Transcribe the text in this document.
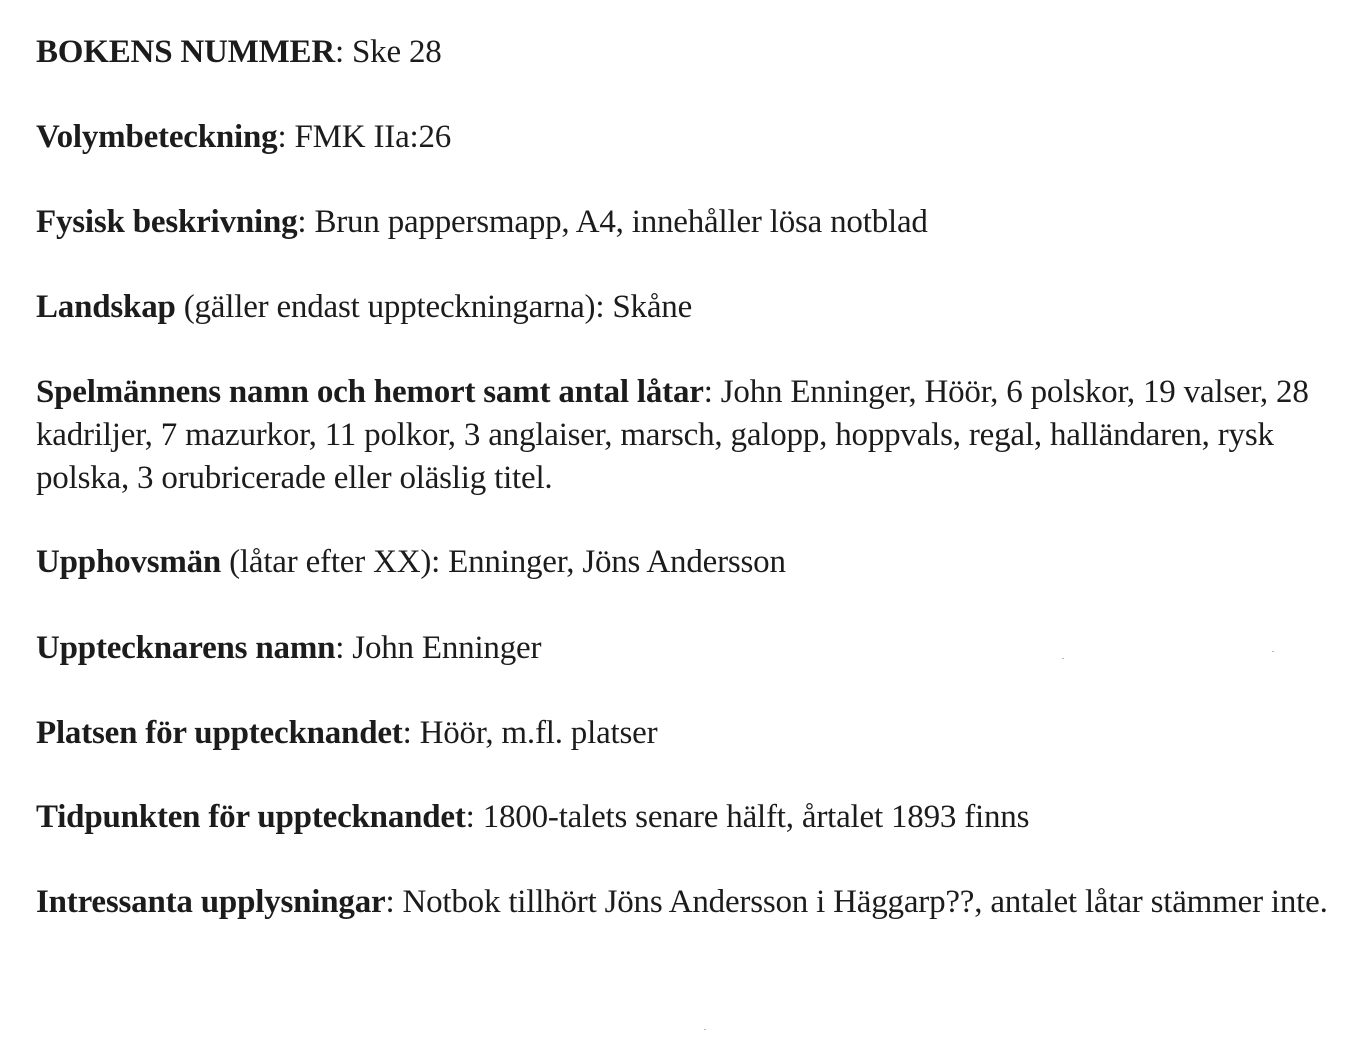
BOKENS NUMMER: Ske 28
Volymbeteckning: FMK IIa:26
Fysisk beskrivning: Brun pappersmapp, A4, innehåller lösa notblad
Landskap (gäller endast uppteckningarna): Skåne
Spelmännens namn och hemort samt antal låtar: John Enninger, Höör, 6 polskor, 19 valser, 28 kadriljer, 7 mazurkor, 11 polkor, 3 anglaiser, marsch, galopp, hoppvals, regal, halländaren, rysk polska, 3 orubricerade eller oläslig titel.
Upphovsmän (låtar efter XX): Enninger, Jöns Andersson
Upptecknarens namn: John Enninger
Platsen för upptecknandet: Höör, m.fl. platser
Tidpunkten för upptecknandet: 1800-talets senare hälft, årtalet 1893 finns
Intressanta upplysningar: Notbok tillhört Jöns Andersson i Häggarp??, antalet låtar stämmer inte.
